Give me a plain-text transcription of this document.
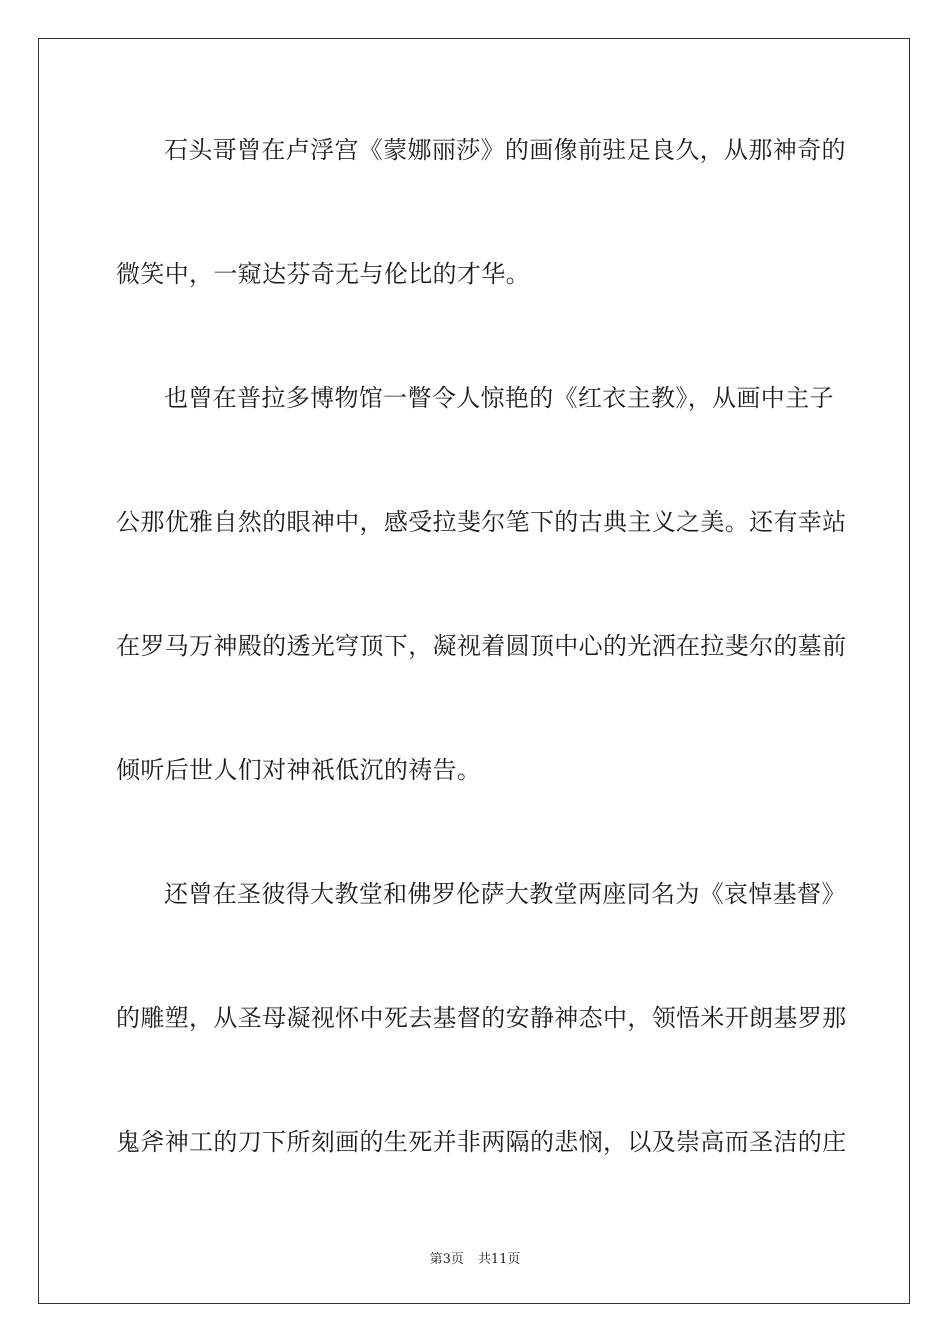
石头哥曾在卢浮宫《蒙娜丽莎》的画像前驻足良久，从那神奇的
微笑中，一窥达芬奇无与伦比的才华。
也曾在普拉多博物馆一瞥令人惊艳的《红衣主教》，从画中主子
公那优雅自然的眼神中，感受拉斐尔笔下的古典主义之美。还有幸站
在罗马万神殿的透光穹顶下，凝视着圆顶中心的光洒在拉斐尔的墓前
倾听后世人们对神祇低沉的祷告。
还曾在圣彼得大教堂和佛罗伦萨大教堂两座同名为《哀悼基督》
的雕塑，从圣母凝视怀中死去基督的安静神态中，领悟米开朗基罗那
鬼斧神工的刀下所刻画的生死并非两隔的悲悯，以及崇高而圣洁的庄
第3页 共11页
